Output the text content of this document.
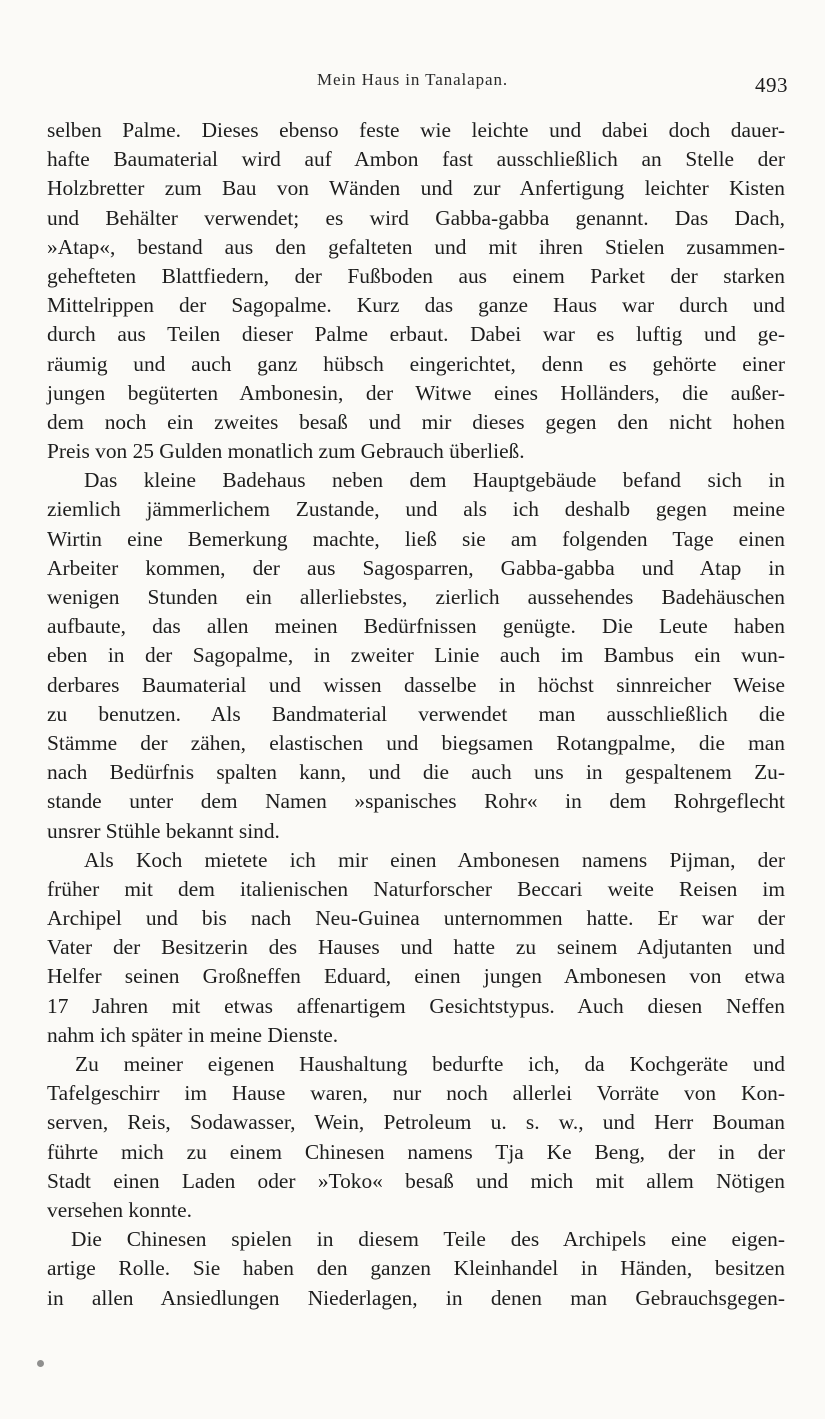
Mein Haus in Tanalapan.	493
selben Palme. Dieses ebenso feste wie leichte und dabei doch dauer-
hafte Baumaterial wird auf Ambon fast ausschließlich an Stelle der
Holzbretter zum Bau von Wänden und zur Anfertigung leichter Kisten
und Behälter verwendet; es wird Gabba-gabba genannt. Das Dach,
»Atap«, bestand aus den gefalteten und mit ihren Stielen zusammen-
gehefteten Blattfiedern, der Fußboden aus einem Parket der starken
Mittelrippen der Sagopalme. Kurz das ganze Haus war durch und
durch aus Teilen dieser Palme erbaut. Dabei war es luftig und ge-
räumig und auch ganz hübsch eingerichtet, denn es gehörte einer
jungen begüterten Ambonesin, der Witwe eines Holländers, die außer-
dem noch ein zweites besaß und mir dieses gegen den nicht hohen
Preis von 25 Gulden monatlich zum Gebrauch überließ.
Das kleine Badehaus neben dem Hauptgebäude befand sich in
ziemlich jämmerlichem Zustande, und als ich deshalb gegen meine
Wirtin eine Bemerkung machte, ließ sie am folgenden Tage einen
Arbeiter kommen, der aus Sagosparren, Gabba-gabba und Atap in
wenigen Stunden ein allerliebstes, zierlich aussehendes Badehäuschen
aufbaute, das allen meinen Bedürfnissen genügte. Die Leute haben
eben in der Sagopalme, in zweiter Linie auch im Bambus ein wun-
derbares Baumaterial und wissen dasselbe in höchst sinnreicher Weise
zu benutzen. Als Bandmaterial verwendet man ausschließlich die
Stämme der zähen, elastischen und biegsamen Rotangpalme, die man
nach Bedürfnis spalten kann, und die auch uns in gespaltenem Zu-
stande unter dem Namen »spanisches Rohr« in dem Rohrgeflecht
unsrer Stühle bekannt sind.
Als Koch mietete ich mir einen Ambonesen namens Pijman, der
früher mit dem italienischen Naturforscher Beccari weite Reisen im
Archipel und bis nach Neu-Guinea unternommen hatte. Er war der
Vater der Besitzerin des Hauses und hatte zu seinem Adjutanten und
Helfer seinen Großneffen Eduard, einen jungen Ambonesen von etwa
17 Jahren mit etwas affenartigem Gesichtstypus. Auch diesen Neffen
nahm ich später in meine Dienste.
Zu meiner eigenen Haushaltung bedurfte ich, da Kochgeräte und
Tafelgeschirr im Hause waren, nur noch allerlei Vorräte von Kon-
serven, Reis, Sodawasser, Wein, Petroleum u. s. w., und Herr Bouman
führte mich zu einem Chinesen namens Tja Ke Beng, der in der
Stadt einen Laden oder »Toko« besaß und mich mit allem Nötigen
versehen konnte.
Die Chinesen spielen in diesem Teile des Archipels eine eigen-
artige Rolle. Sie haben den ganzen Kleinhandel in Händen, besitzen
in allen Ansiedlungen Niederlagen, in denen man Gebrauchsgegen-
